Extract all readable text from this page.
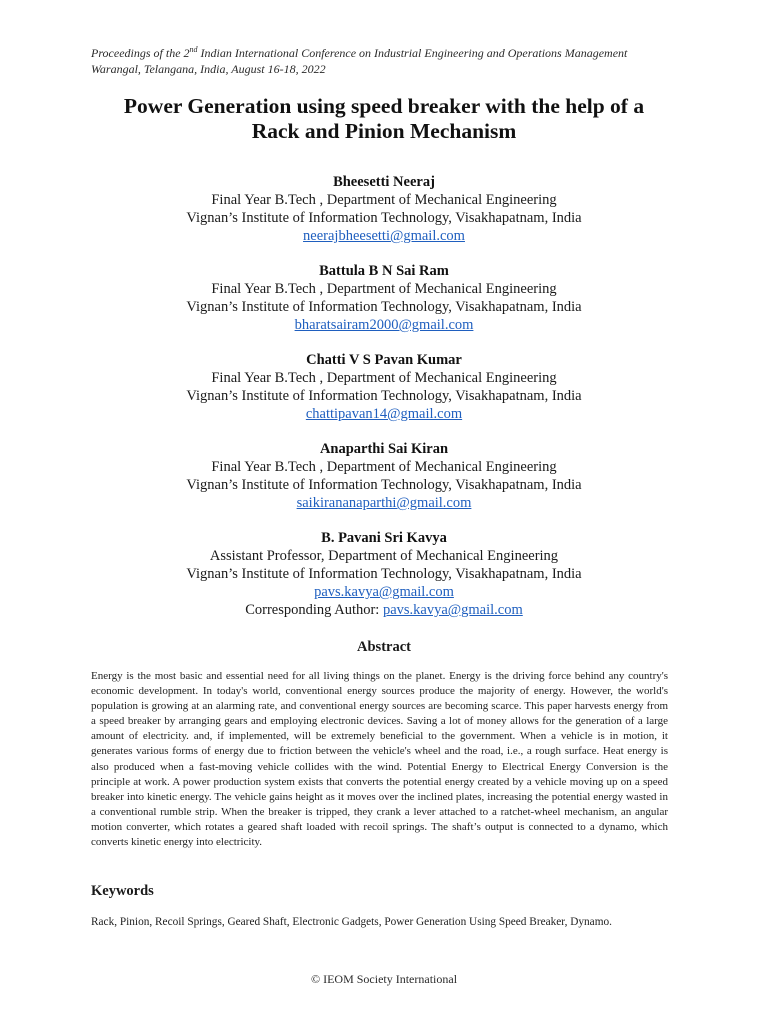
Proceedings of the 2nd Indian International Conference on Industrial Engineering and Operations Management
Warangal, Telangana, India, August 16-18, 2022
Power Generation using speed breaker with the help of a
Rack and Pinion Mechanism
Bheesetti Neeraj
Final Year B.Tech , Department of Mechanical Engineering
Vignan’s Institute of Information Technology, Visakhapatnam, India
neerajbheesetti@gmail.com
Battula B N Sai Ram
Final Year B.Tech , Department of Mechanical Engineering
Vignan’s Institute of Information Technology, Visakhapatnam, India
bharatsairam2000@gmail.com
Chatti V S Pavan Kumar
Final Year B.Tech , Department of Mechanical Engineering
Vignan’s Institute of Information Technology, Visakhapatnam, India
chattipavan14@gmail.com
Anaparthi Sai Kiran
Final Year B.Tech , Department of Mechanical Engineering
Vignan’s Institute of Information Technology, Visakhapatnam, India
saikirananaparthi@gmail.com
B. Pavani Sri Kavya
Assistant Professor, Department of Mechanical Engineering
Vignan’s Institute of Information Technology, Visakhapatnam, India
pavs.kavya@gmail.com
Corresponding Author: pavs.kavya@gmail.com
Abstract

Energy is the most basic and essential need for all living things on the planet. Energy is the driving force behind any country's economic development. In today's world, conventional energy sources produce the majority of energy. However, the world's population is growing at an alarming rate, and conventional energy sources are becoming scarce. This paper harvests energy from a speed breaker by arranging gears and employing electronic devices. Saving a lot of money allows for the generation of a large amount of electricity. and, if implemented, will be extremely beneficial to the government. When a vehicle is in motion, it generates various forms of energy due to friction between the vehicle's wheel and the road, i.e., a rough surface. Heat energy is also produced when a fast-moving vehicle collides with the wind. Potential Energy to Electrical Energy Conversion is the principle at work. A power production system exists that converts the potential energy created by a vehicle moving up on a speed breaker into kinetic energy. The vehicle gains height as it moves over the inclined plates, increasing the potential energy wasted in a conventional rumble strip. When the breaker is tripped, they crank a lever attached to a ratchet-wheel mechanism, an angular motion converter, which rotates a geared shaft loaded with recoil springs. The shaft’s output is connected to a dynamo, which converts kinetic energy into electricity.

Keywords

Rack, Pinion, Recoil Springs, Geared Shaft, Electronic Gadgets, Power Generation Using Speed Breaker, Dynamo.

© IEOM Society International
